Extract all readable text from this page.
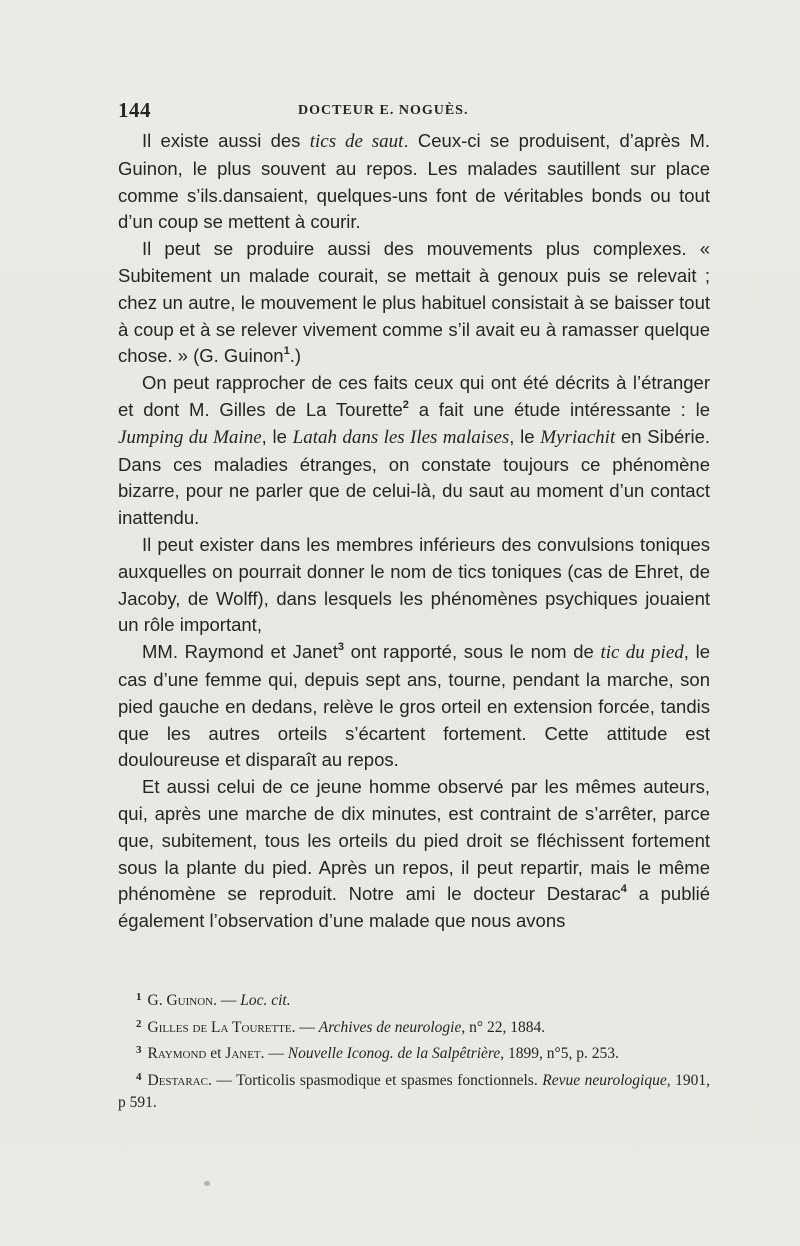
144	DOCTEUR E. NOGUÈS.

Il existe aussi des tics de saut. Ceux-ci se produisent, d’après M. Guinon, le plus souvent au repos. Les malades sautillent sur place comme s’ils.dansaient, quelques-uns font de véritables bonds ou tout d’un coup se mettent à courir.

Il peut se produire aussi des mouvements plus complexes. « Subitement un malade courait, se mettait à genoux puis se relevait ; chez un autre, le mouvement le plus habituel consistait à se baisser tout à coup et à se relever vivement comme s’il avait eu à ramasser quelque chose. » (G. Guinon$^1$.)

On peut rapprocher de ces faits ceux qui ont été décrits à l’étranger et dont M. Gilles de La Tourette$^2$ a fait une étude intéressante : le Jumping du Maine, le Latah dans les Iles malaises, le Myriachit en Sibérie. Dans ces maladies étranges, on constate toujours ce phénomène bizarre, pour ne parler que de celui-là, du saut au moment d’un contact inattendu.

Il peut exister dans les membres inférieurs des convulsions toniques auxquelles on pourrait donner le nom de tics toniques (cas de Ehret, de Jacoby, de Wolff), dans lesquels les phénomènes psychiques jouaient un rôle important,

MM. Raymond et Janet$^3$ ont rapporté, sous le nom de tic du pied, le cas d’une femme qui, depuis sept ans, tourne, pendant la marche, son pied gauche en dedans, relève le gros orteil en extension forcée, tandis que les autres orteils s’écartent fortement. Cette attitude est douloureuse et disparaît au repos.

Et aussi celui de ce jeune homme observé par les mêmes auteurs, qui, après une marche de dix minutes, est contraint de s’arrêter, parce que, subitement, tous les orteils du pied droit se fléchissent fortement sous la plante du pied. Après un repos, il peut repartir, mais le même phénomène se reproduit. Notre ami le docteur Destarac$^4$ a publié également l’observation d’une malade que nous avons

$^1$ G. Guinon. — Loc. cit.
$^2$ Gilles de La Tourette. — Archives de neurologie, n° 22, 1884.
$^3$ Raymond et Janet. — Nouvelle Iconog. de la Salpêtrière, 1899, n°5, p. 253.
$^4$ Destarac. — Torticolis spasmodique et spasmes fonctionnels. Revue neurologique, 1901, p 591.
